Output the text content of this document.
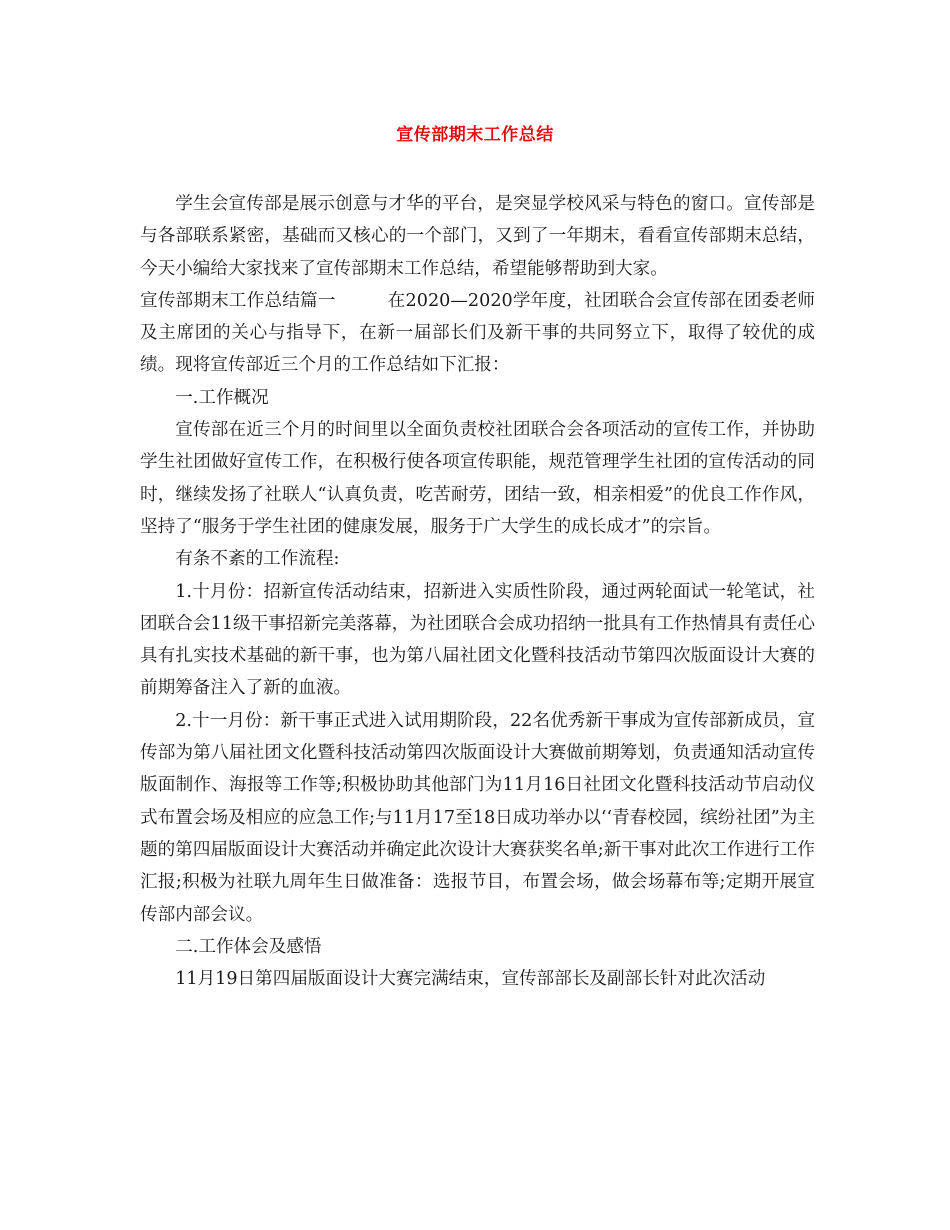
宣传部期末工作总结

学生会宣传部是展示创意与才华的平台，是突显学校风采与特色的窗口。宣传部是与各部联系紧密，基础而又核心的一个部门，又到了一年期末，看看宣传部期末总结，今天小编给大家找来了宣传部期末工作总结，希望能够帮助到大家。

宣传部期末工作总结篇一	在2020—2020学年度，社团联合会宣传部在团委老师及主席团的关心与指导下，在新一届部长们及新干事的共同努立下，取得了较优的成绩。现将宣传部近三个月的工作总结如下汇报：

一.工作概况

宣传部在近三个月的时间里以全面负责校社团联合会各项活动的宣传工作，并协助学生社团做好宣传工作，在积极行使各项宣传职能，规范管理学生社团的宣传活动的同时，继续发扬了社联人“认真负责，吃苦耐劳，团结一致，相亲相爱”的优良工作作风，坚持了“服务于学生社团的健康发展，服务于广大学生的成长成才”的宗旨。

有条不紊的工作流程:

1.十月份：招新宣传活动结束，招新进入实质性阶段，通过两轮面试一轮笔试，社团联合会11级干事招新完美落幕，为社团联合会成功招纳一批具有工作热情具有责任心具有扎实技术基础的新干事，也为第八届社团文化暨科技活动节第四次版面设计大赛的前期筹备注入了新的血液。

2.十一月份：新干事正式进入试用期阶段，22名优秀新干事成为宣传部新成员，宣传部为第八届社团文化暨科技活动第四次版面设计大赛做前期筹划，负责通知活动宣传版面制作、海报等工作等;积极协助其他部门为11月16日社团文化暨科技活动节启动仪式布置会场及相应的应急工作;与11月17至18日成功举办以‘‘青春校园，缤纷社团”为主题的第四届版面设计大赛活动并确定此次设计大赛获奖名单;新干事对此次工作进行工作汇报;积极为社联九周年生日做准备：选报节目，布置会场，做会场幕布等;定期开展宣传部内部会议。

二.工作体会及感悟

11月19日第四届版面设计大赛完满结束，宣传部部长及副部长针对此次活动
